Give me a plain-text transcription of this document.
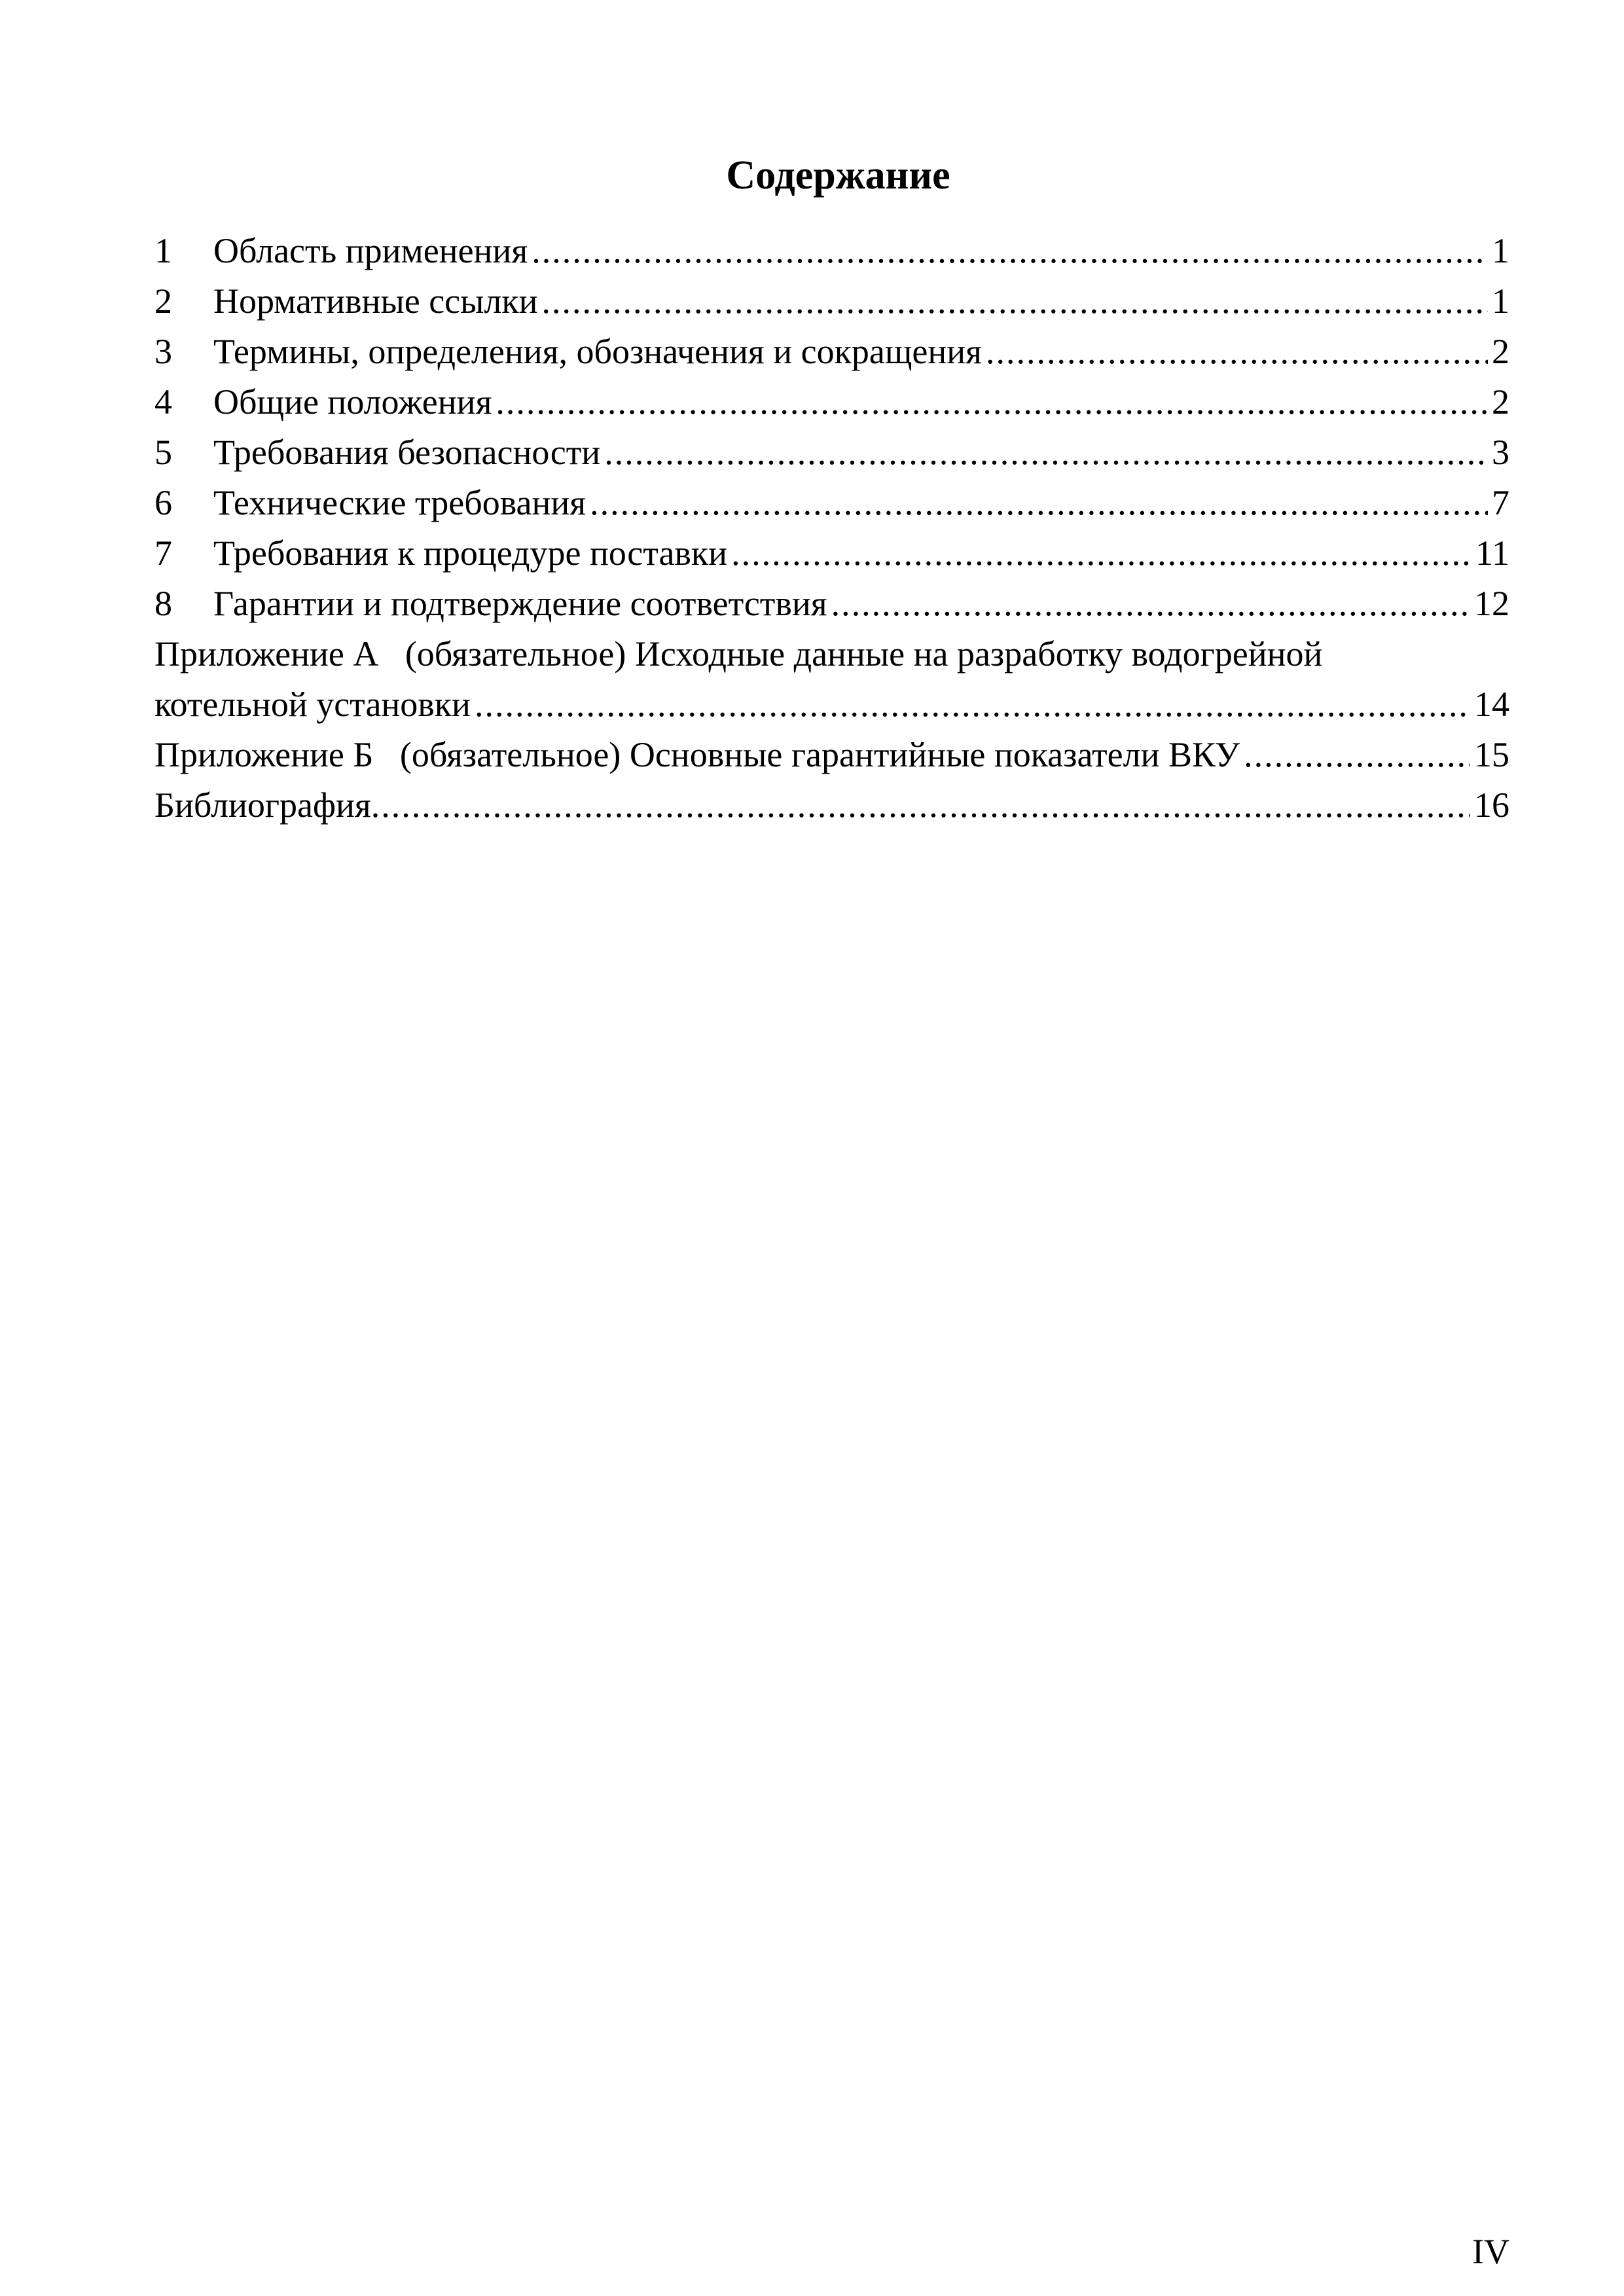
Содержание
1	Область применения .....	1
2	Нормативные ссылки .....	1
3	Термины, определения, обозначения и сокращения .....	2
4	Общие положения .....	2
5	Требования безопасности .....	3
6	Технические требования .....	7
7	Требования к процедуре поставки .....	11
8	Гарантии и подтверждение соответствия .....	12
Приложение А   (обязательное) Исходные данные на разработку водогрейной
котельной установки .....	14
Приложение Б   (обязательное) Основные гарантийные показатели ВКУ .....	15
Библиография .....	16
IV
